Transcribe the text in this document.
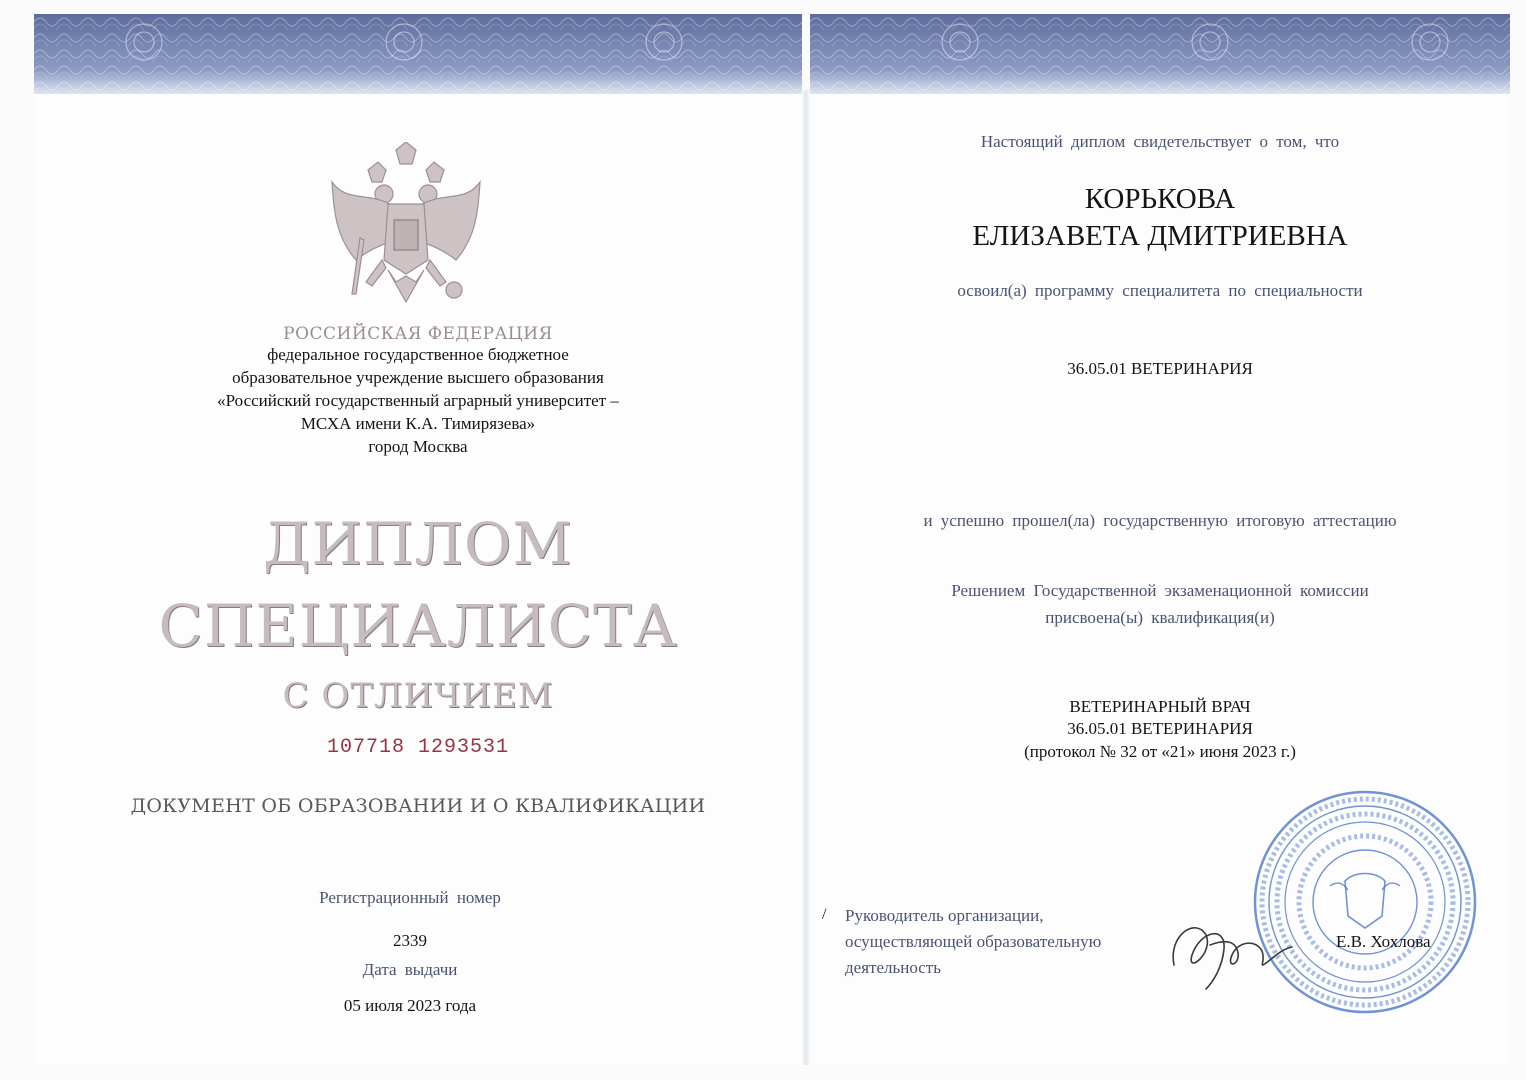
РОССИЙСКАЯ ФЕДЕРАЦИЯ
федеральное государственное бюджетное
образовательное учреждение высшего образования
«Российский государственный аграрный университет –
МСХА имени К.А. Тимирязева»
город Москва
ДИПЛОМ
СПЕЦИАЛИСТА
С ОТЛИЧИЕМ
107718 1293531
ДОКУМЕНТ ОБ ОБРАЗОВАНИИ И О КВАЛИФИКАЦИИ
Регистрационный номер
2339
Дата выдачи
05 июля 2023 года
Настоящий диплом свидетельствует о том, что
КОРЬКОВА
ЕЛИЗАВЕТА ДМИТРИЕВНА
освоил(а) программу специалитета по специальности
36.05.01 ВЕТЕРИНАРИЯ
и успешно прошел(ла) государственную итоговую аттестацию
Решением Государственной экзаменационной комиссии
присвоена(ы) квалификация(и)
ВЕТЕРИНАРНЫЙ ВРАЧ
36.05.01 ВЕТЕРИНАРИЯ
(протокол № 32 от «21» июня 2023 г.)
/ Руководитель организации,
осуществляющей образовательную
деятельность
Е.В. Хохлова
